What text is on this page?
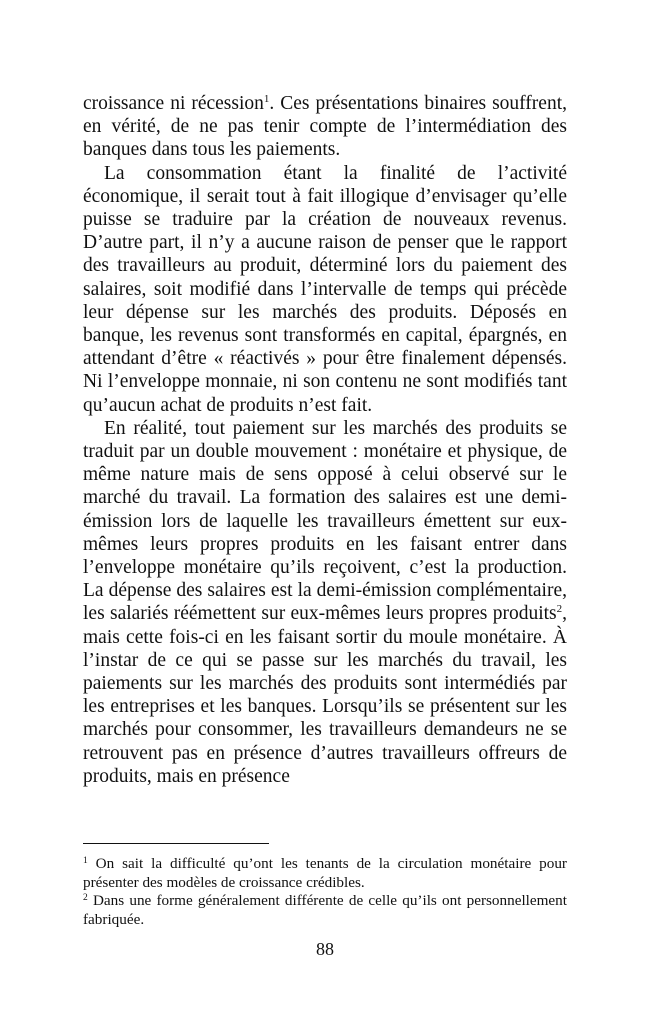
croissance ni récession$^1$. Ces présentations binaires souffrent, en vérité, de ne pas tenir compte de l’intermédiation des banques dans tous les paiements.

La consommation étant la finalité de l’activité économique, il serait tout à fait illogique d’envisager qu’elle puisse se traduire par la création de nouveaux revenus. D’autre part, il n’y a aucune raison de penser que le rapport des travailleurs au produit, déterminé lors du paiement des salaires, soit modifié dans l’intervalle de temps qui précède leur dépense sur les marchés des produits. Déposés en banque, les revenus sont transformés en capital, épargnés, en attendant d’être « réactivés » pour être finalement dépensés. Ni l’enveloppe monnaie, ni son contenu ne sont modifiés tant qu’aucun achat de produits n’est fait.

En réalité, tout paiement sur les marchés des produits se traduit par un double mouvement : monétaire et physique, de même nature mais de sens opposé à celui observé sur le marché du travail. La formation des salaires est une demi-émission lors de laquelle les travailleurs émettent sur eux-mêmes leurs propres produits en les faisant entrer dans l’enveloppe monétaire qu’ils reçoivent, c’est la production. La dépense des salaires est la demi-émission complémentaire, les salariés réémettent sur eux-mêmes leurs propres produits$^2$, mais cette fois-ci en les faisant sortir du moule monétaire. À l’instar de ce qui se passe sur les marchés du travail, les paiements sur les marchés des produits sont intermédiés par les entreprises et les banques. Lorsqu’ils se présentent sur les marchés pour consommer, les travailleurs demandeurs ne se retrouvent pas en présence d’autres travailleurs offreurs de produits, mais en présence

$^1$ On sait la difficulté qu’ont les tenants de la circulation monétaire pour présenter des modèles de croissance crédibles.

$^2$ Dans une forme généralement différente de celle qu’ils ont personnellement fabriquée.

88
